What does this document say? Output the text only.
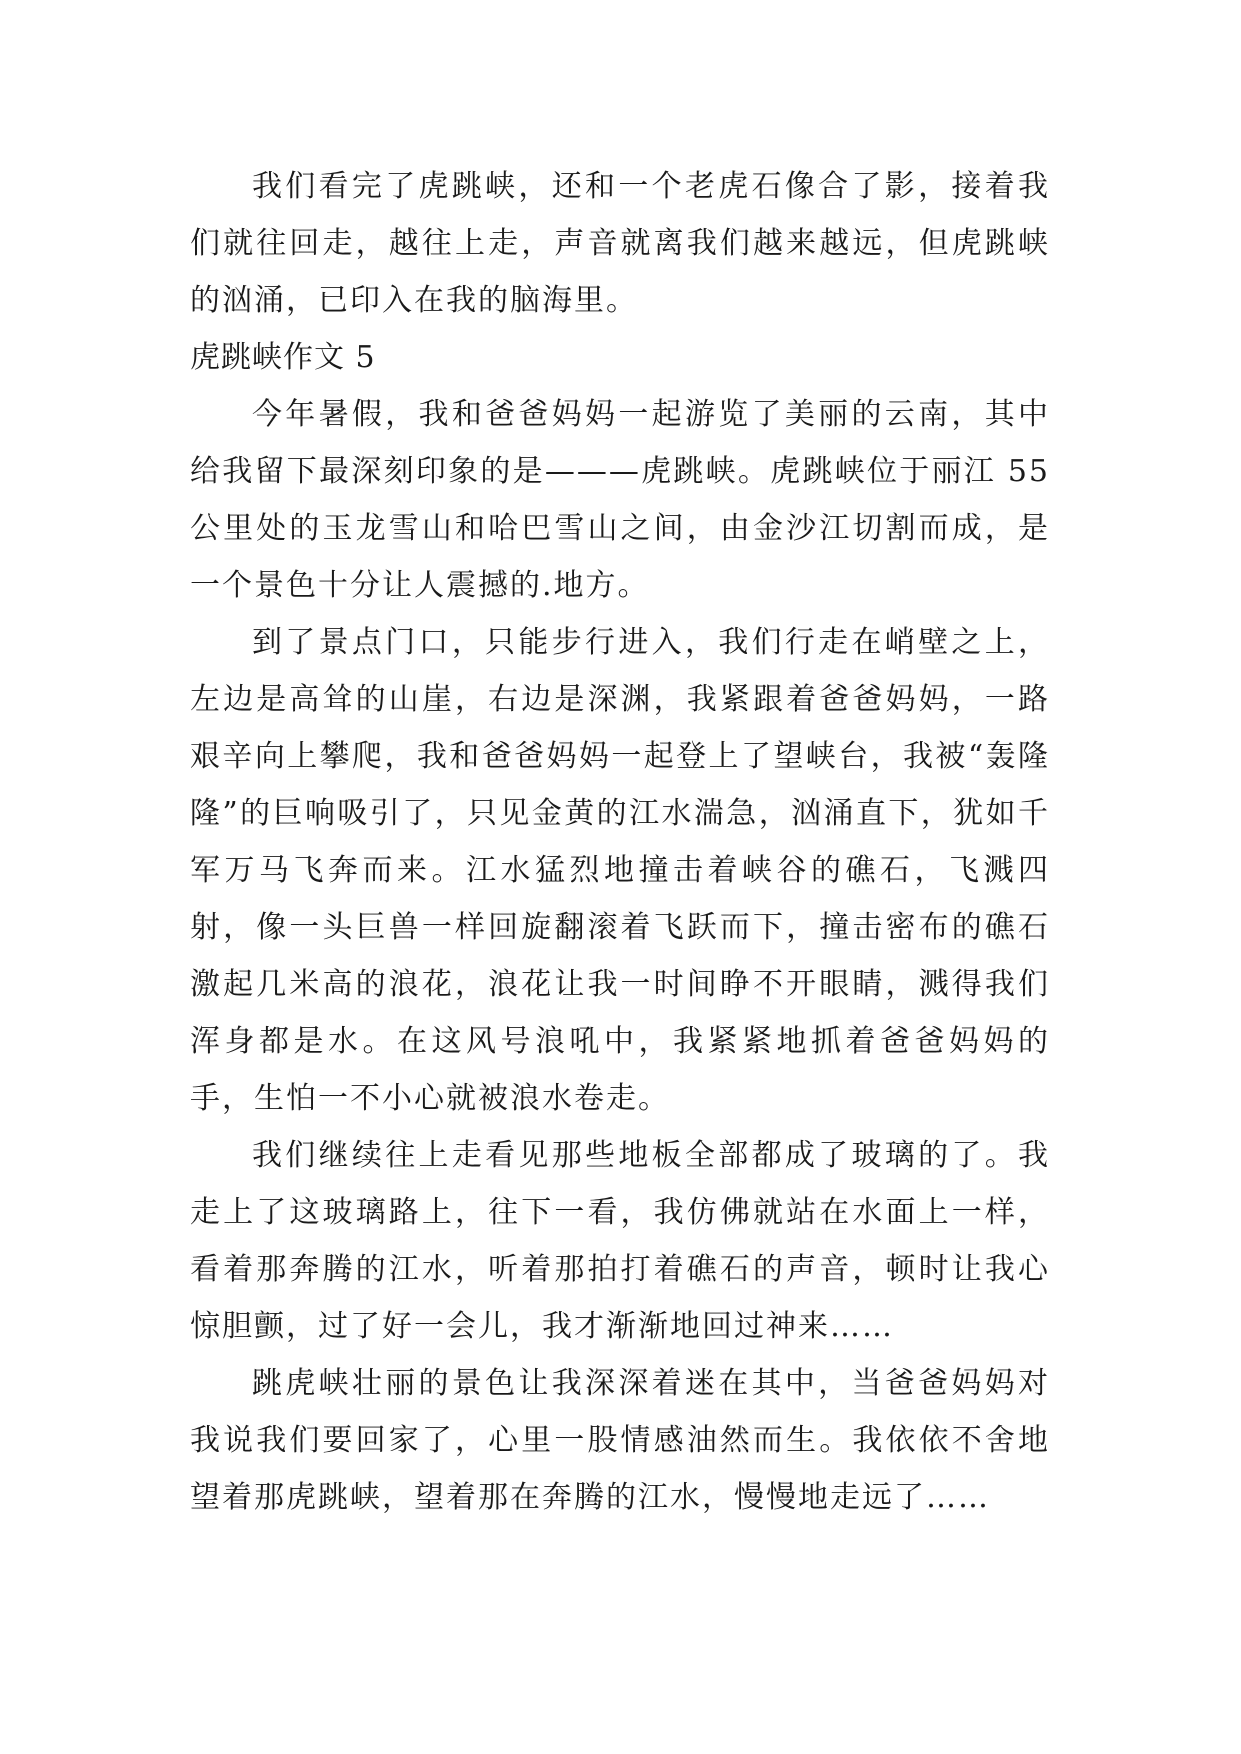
我们看完了虎跳峡，还和一个老虎石像合了影，接着我们就往回走，越往上走，声音就离我们越来越远，但虎跳峡的汹涌，已印入在我的脑海里。

虎跳峡作文 5

今年暑假，我和爸爸妈妈一起游览了美丽的云南，其中给我留下最深刻印象的是———虎跳峡。虎跳峡位于丽江 55 公里处的玉龙雪山和哈巴雪山之间，由金沙江切割而成，是一个景色十分让人震撼的.地方。

到了景点门口，只能步行进入，我们行走在峭壁之上，左边是高耸的山崖，右边是深渊，我紧跟着爸爸妈妈，一路艰辛向上攀爬，我和爸爸妈妈一起登上了望峡台，我被“轰隆隆”的巨响吸引了，只见金黄的江水湍急，汹涌直下，犹如千军万马飞奔而来。江水猛烈地撞击着峡谷的礁石，飞溅四射，像一头巨兽一样回旋翻滚着飞跃而下，撞击密布的礁石激起几米高的浪花，浪花让我一时间睁不开眼睛，溅得我们浑身都是水。在这风号浪吼中，我紧紧地抓着爸爸妈妈的手，生怕一不小心就被浪水卷走。

我们继续往上走看见那些地板全部都成了玻璃的了。我走上了这玻璃路上，往下一看，我仿佛就站在水面上一样，看着那奔腾的江水，听着那拍打着礁石的声音，顿时让我心惊胆颤，过了好一会儿，我才渐渐地回过神来……

跳虎峡壮丽的景色让我深深着迷在其中，当爸爸妈妈对我说我们要回家了，心里一股情感油然而生。我依依不舍地望着那虎跳峡，望着那在奔腾的江水，慢慢地走远了……
